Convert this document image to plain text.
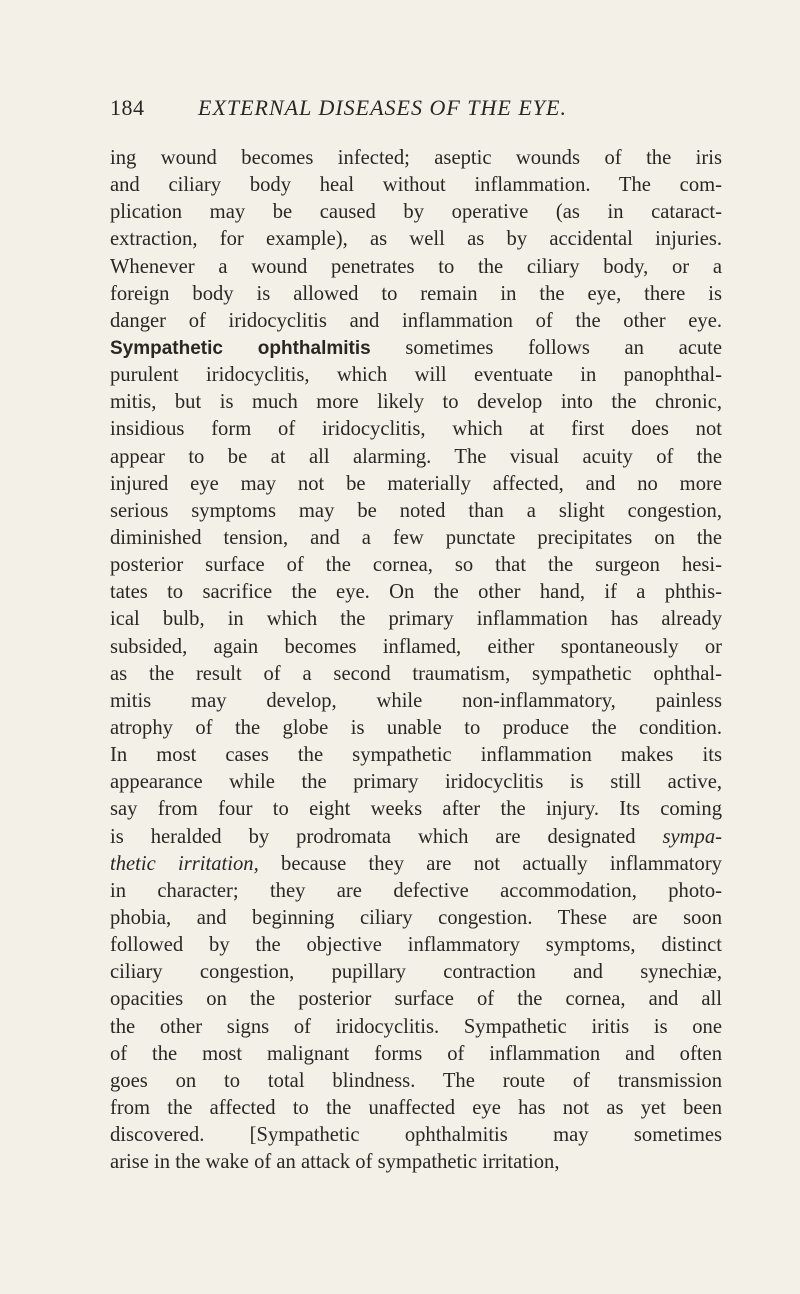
184 EXTERNAL DISEASES OF THE EYE.
ing wound becomes infected; aseptic wounds of the iris
and ciliary body heal without inflammation. The com-
plication may be caused by operative (as in cataract-
extraction, for example), as well as by accidental injuries.
Whenever a wound penetrates to the ciliary body, or a
foreign body is allowed to remain in the eye, there is
danger of iridocyclitis and inflammation of the other eye.
Sympathetic ophthalmitis sometimes follows an acute
purulent iridocyclitis, which will eventuate in panophthal-
mitis, but is much more likely to develop into the chronic,
insidious form of iridocyclitis, which at first does not
appear to be at all alarming. The visual acuity of the
injured eye may not be materially affected, and no more
serious symptoms may be noted than a slight congestion,
diminished tension, and a few punctate precipitates on the
posterior surface of the cornea, so that the surgeon hesi-
tates to sacrifice the eye. On the other hand, if a phthis-
ical bulb, in which the primary inflammation has already
subsided, again becomes inflamed, either spontaneously or
as the result of a second traumatism, sympathetic ophthal-
mitis may develop, while non-inflammatory, painless
atrophy of the globe is unable to produce the condition.
In most cases the sympathetic inflammation makes its
appearance while the primary iridocyclitis is still active,
say from four to eight weeks after the injury. Its coming
is heralded by prodromata which are designated sympa-
thetic irritation, because they are not actually inflammatory
in character; they are defective accommodation, photo-
phobia, and beginning ciliary congestion. These are soon
followed by the objective inflammatory symptoms, distinct
ciliary congestion, pupillary contraction and synechiæ,
opacities on the posterior surface of the cornea, and all
the other signs of iridocyclitis. Sympathetic iritis is one
of the most malignant forms of inflammation and often
goes on to total blindness. The route of transmission
from the affected to the unaffected eye has not as yet been
discovered. [Sympathetic ophthalmitis may sometimes
arise in the wake of an attack of sympathetic irritation,
